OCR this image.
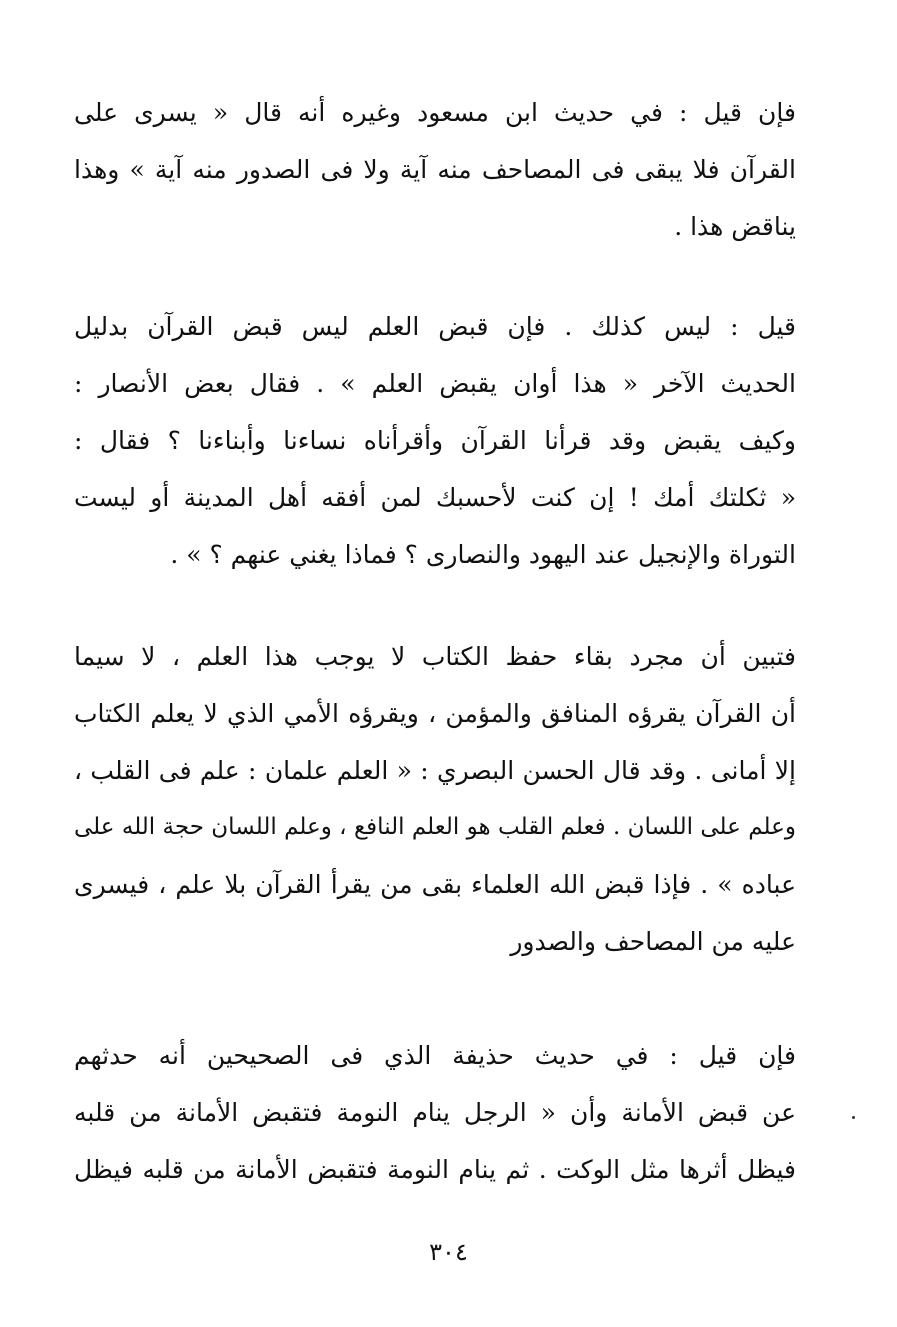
فإن قيل : في حديث ابن مسعود وغيره أنه قال « يسرى على
القرآن فلا يبقى فى المصاحف منه آية ولا فى الصدور منه آية » وهذا
يناقض هذا .
قيل : ليس كذلك . فإن قبض العلم ليس قبض القرآن بدليل
الحديث الآخر « هذا أوان يقبض العلم » . فقال بعض الأنصار :
وكيف يقبض وقد قرأنا القرآن وأقرأناه نساءنا وأبناءنا ؟ فقال :
« ثكلتك أمك ! إن كنت لأحسبك لمن أفقه أهل المدينة أو ليست
التوراة والإنجيل عند اليهود والنصارى ؟ فماذا يغني عنهم ؟ » .
فتبين أن مجرد بقاء حفظ الكتاب لا يوجب هذا العلم ، لا سيما
أن القرآن يقرؤه المنافق والمؤمن ، ويقرؤه الأمي الذي لا يعلم الكتاب
إلا أمانى . وقد قال الحسن البصري : « العلم علمان : علم فى القلب ،
وعلم على اللسان . فعلم القلب هو العلم النافع ، وعلم اللسان حجة الله على
عباده » . فإذا قبض الله العلماء بقى من يقرأ القرآن بلا علم ، فيسرى
عليه من المصاحف والصدور
فإن قيل : في حديث حذيفة الذي فى الصحيحين أنه حدثهم
عن قبض الأمانة وأن « الرجل ينام النومة فتقبض الأمانة من قلبه
فيظل أثرها مثل الوكت . ثم ينام النومة فتقبض الأمانة من قلبه فيظل
٣٠٤
